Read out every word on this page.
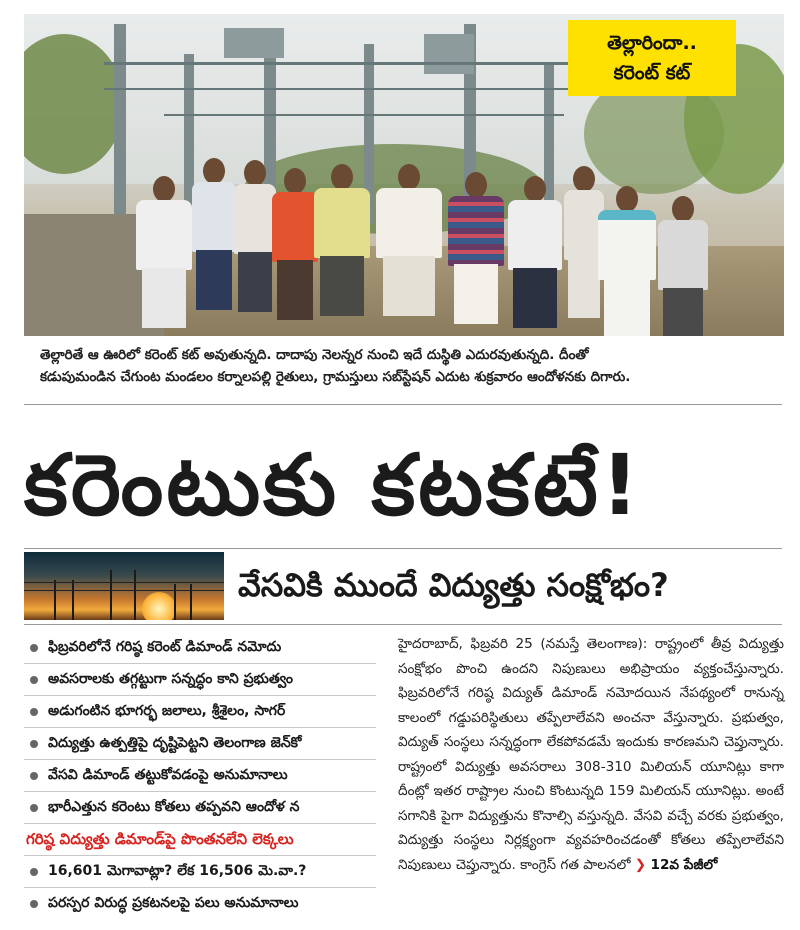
తెల్లారిందా..
కరెంట్ కట్
తెల్లారితే ఆ ఊరిలో కరెంట్ కట్ అవుతున్నది. దాదాపు నెలన్నర నుంచి ఇదే దుస్థితి ఎదురవుతున్నది. దీంతో
కడుపుమండిన చేగుంట మండలం కర్నాలపల్లి రైతులు, గ్రామస్తులు సబ్‌స్టేషన్ ఎదుట శుక్రవారం ఆందోళనకు దిగారు.
కరెంటుకు కటకటే!
వేసవికి ముందే విద్యుత్తు సంక్షోభం?
ఫిబ్రవరిలోనే గరిష్ఠ కరెంట్ డిమాండ్ నమోదు
అవసరాలకు తగ్గట్టుగా సన్నద్ధం కాని ప్రభుత్వం
అడుగంటిన భూగర్భ జలాలు, శ్రీశైలం, సాగర్
విద్యుత్తు ఉత్పత్తిపై దృష్టిపెట్టని తెలంగాణ జెన్‌కో
వేసవి డిమాండ్ తట్టుకోవడంపై అనుమానాలు
భారీఎత్తున కరెంటు కోతలు తప్పవని ఆందోళ న
గరిష్ఠ విద్యుత్తు డిమాండ్‌పై పొంతనలేని లెక్కలు
16,601 మెగావాట్లా? లేక 16,506 మె.వా.?
పరస్పర విరుద్ధ ప్రకటనలపై పలు అనుమానాలు
హైదరాబాద్, ఫిబ్రవరి 25 (నమస్తే తెలంగాణ): రాష్ట్రంలో తీవ్ర విద్యుత్తు సంక్షోభం పొంచి ఉందని నిపుణులు అభిప్రాయం వ్యక్తంచేస్తున్నారు. ఫిబ్రవరిలోనే గరిష్ఠ విద్యుత్ డిమాండ్ నమోదయిన నేపథ్యంలో రానున్న కాలంలో గడ్డుపరిస్థితులు తప్పేలాలేవని అంచనా వేస్తున్నారు. ప్రభుత్వం, విద్యుత్ సంస్థలు సన్నద్ధంగా లేకపోవడమే ఇందుకు కారణమని చెప్తున్నారు. రాష్ట్రంలో విద్యుత్తు అవసరాలు 308-310 మిలియన్ యూనిట్లు కాగా దీంట్లో ఇతర రాష్ట్రాల నుంచి కొంటున్నది 159 మిలియన్ యూనిట్లు. అంటే సగానికి పైగా విద్యుత్తును కొనాల్సి వస్తున్నది. వేసవి వచ్చే వరకు ప్రభుత్వం, విద్యుత్తు సంస్థలు నిర్లక్ష్యంగా వ్యవహరించడంతో కోతలు తప్పేలాలేవని నిపుణులు చెప్తున్నారు. కాంగ్రెస్ గత పాలనలో ❯ 12వ పేజీలో
